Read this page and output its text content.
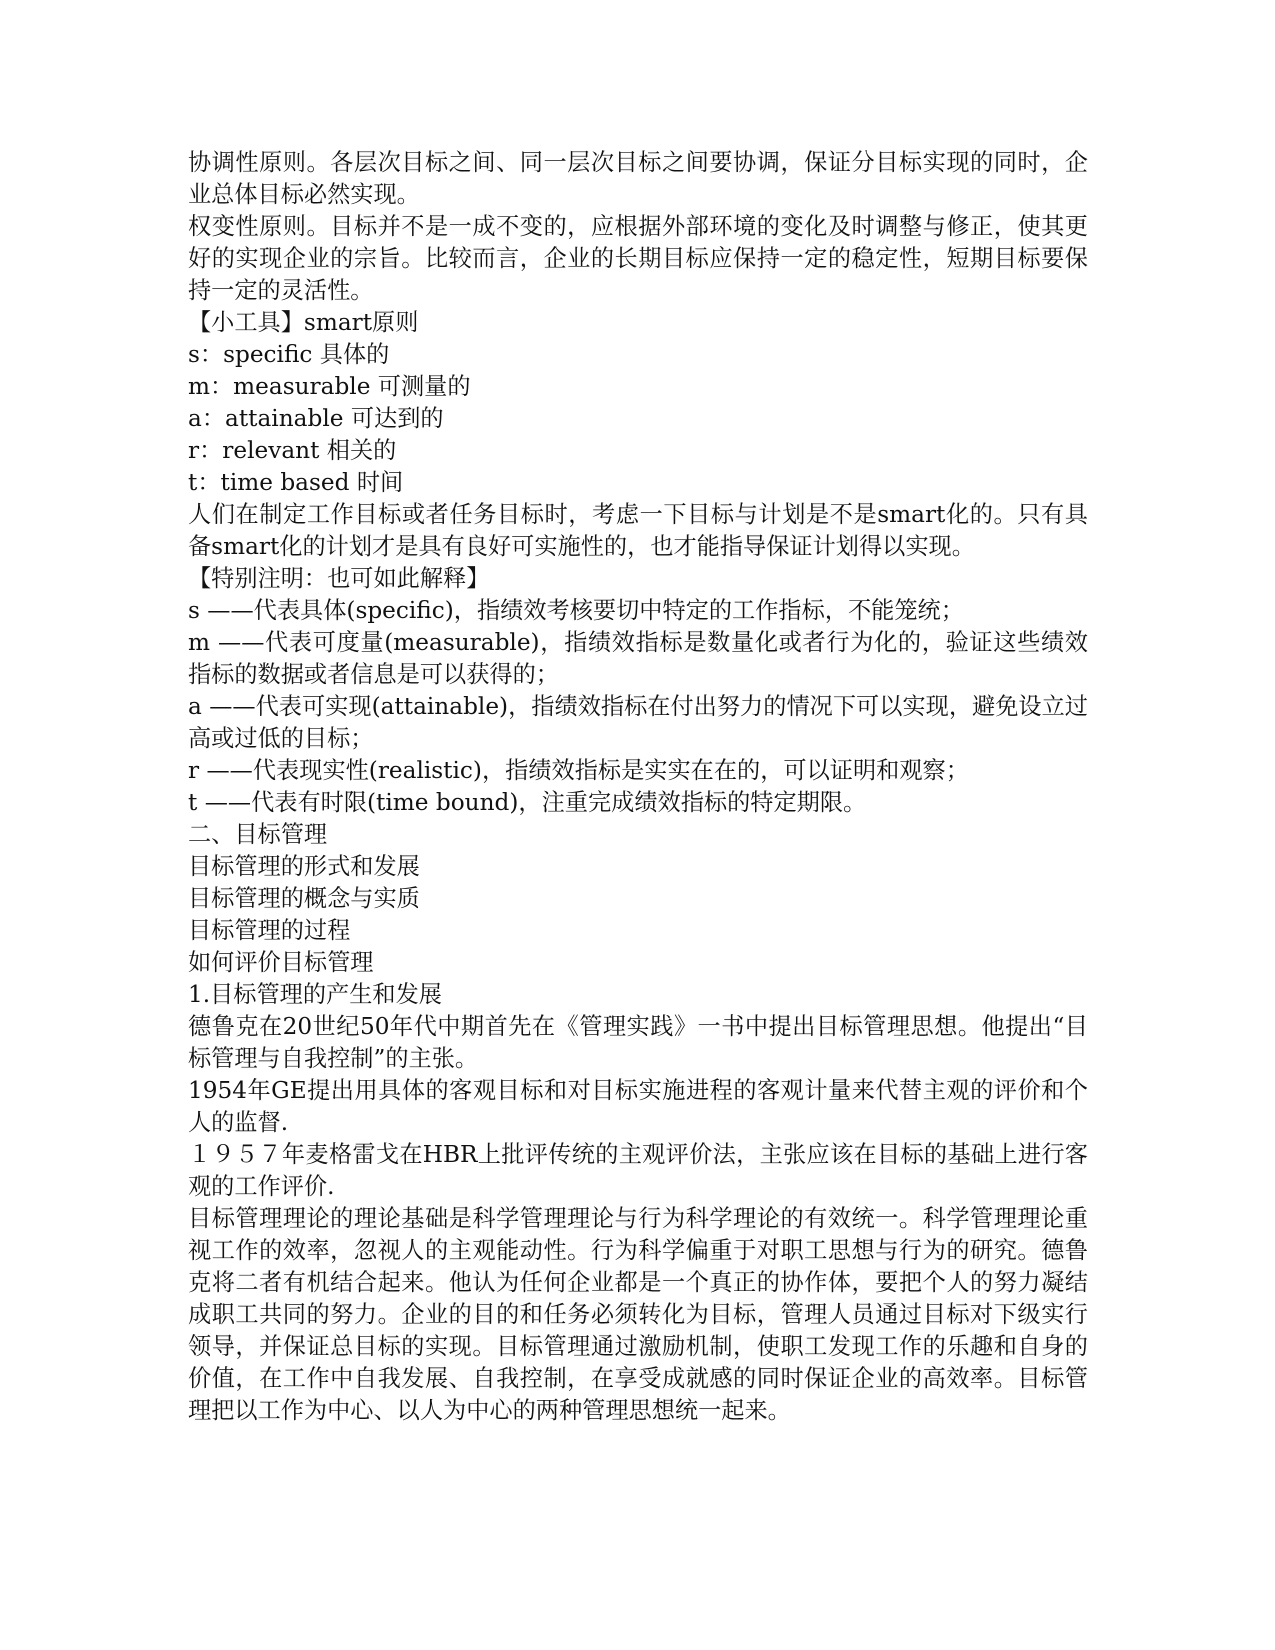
协调性原则。各层次目标之间、同一层次目标之间要协调，保证分目标实现的同时，企业总体目标必然实现。

权变性原则。目标并不是一成不变的，应根据外部环境的变化及时调整与修正，使其更好的实现企业的宗旨。比较而言，企业的长期目标应保持一定的稳定性，短期目标要保持一定的灵活性。

【小工具】smart原则

s：specific 具体的

m：measurable 可测量的

a：attainable 可达到的

r：relevant 相关的

t：time based 时间

人们在制定工作目标或者任务目标时，考虑一下目标与计划是不是smart化的。只有具备smart化的计划才是具有良好可实施性的，也才能指导保证计划得以实现。

【特别注明：也可如此解释】

s ——代表具体(specific)，指绩效考核要切中特定的工作指标，不能笼统；

m ——代表可度量(measurable)，指绩效指标是数量化或者行为化的，验证这些绩效指标的数据或者信息是可以获得的；

a ——代表可实现(attainable)，指绩效指标在付出努力的情况下可以实现，避免设立过高或过低的目标；

r ——代表现实性(realistic)，指绩效指标是实实在在的，可以证明和观察；

t ——代表有时限(time bound)，注重完成绩效指标的特定期限。

二、目标管理

目标管理的形式和发展

目标管理的概念与实质

目标管理的过程

如何评价目标管理

1.目标管理的产生和发展

德鲁克在20世纪50年代中期首先在《管理实践》一书中提出目标管理思想。他提出“目标管理与自我控制”的主张。

1954年GE提出用具体的客观目标和对目标实施进程的客观计量来代替主观的评价和个人的监督.

１９５７年麦格雷戈在HBR上批评传统的主观评价法，主张应该在目标的基础上进行客观的工作评价.

目标管理理论的理论基础是科学管理理论与行为科学理论的有效统一。科学管理理论重视工作的效率，忽视人的主观能动性。行为科学偏重于对职工思想与行为的研究。德鲁克将二者有机结合起来。他认为任何企业都是一个真正的协作体，要把个人的努力凝结成职工共同的努力。企业的目的和任务必须转化为目标，管理人员通过目标对下级实行领导，并保证总目标的实现。目标管理通过激励机制，使职工发现工作的乐趣和自身的价值，在工作中自我发展、自我控制，在享受成就感的同时保证企业的高效率。目标管理把以工作为中心、以人为中心的两种管理思想统一起来。
